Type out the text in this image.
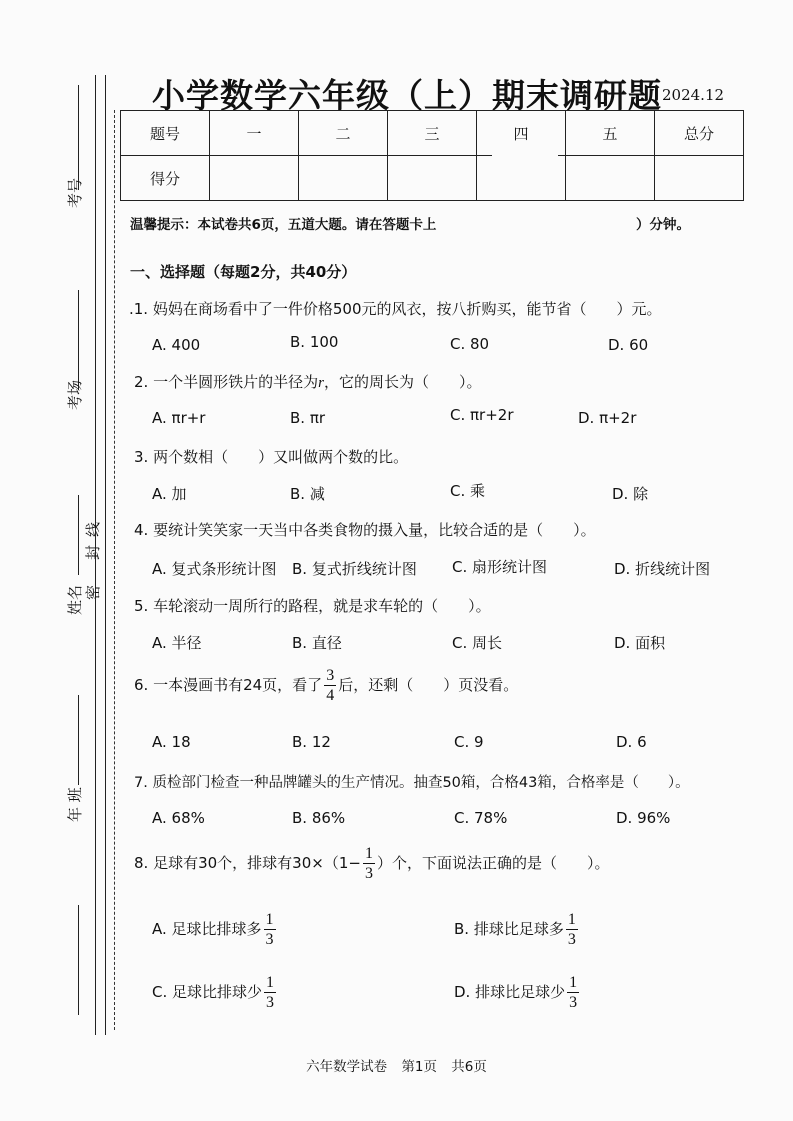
考号
考场
姓名 密
封
线
年 班
小学数学六年级（上）期末调研题 2024.12
题号	一	二	三	四	五	总分
得分						
温馨提示：本试卷共6页，五道大题。请在答题卡上	）分钟。
一、选择题（每题2分，共40分）
.1. 妈妈在商场看中了一件价格500元的风衣，按八折购买，能节省（　　）元。
A. 400	B. 100	C. 80	D. 60
2. 一个半圆形铁片的半径为r，它的周长为（　　）。
A. πr+r	B. πr	C. πr+2r	D. π+2r
3. 两个数相（　　）又叫做两个数的比。
A. 加	B. 减	C. 乘	D. 除
4. 要统计笑笑家一天当中各类食物的摄入量，比较合适的是（　　）。
A. 复式条形统计图 B. 复式折线统计图 C. 扇形统计图	D. 折线统计图
5. 车轮滚动一周所行的路程，就是求车轮的（　　）。
A. 半径	B. 直径	C. 周长	D. 面积
6. 一本漫画书有24页，看了 $\frac{3}{4}$ 后，还剩（　　）页没看。
A. 18	B. 12	C. 9	D. 6
7. 质检部门检查一种品牌罐头的生产情况。抽查50箱，合格43箱，合格率是（　　）。
A. 68%	B. 86%	C. 78%	D. 96%
8. 足球有30个，排球有$30\times(1- \frac{1}{3}$ ）个，下面说法正确的是（　　）。
A. 足球比排球多 $\frac{1}{3}$	B. 排球比足球多 $\frac{1}{3}$
C. 足球比排球少 $\frac{1}{3}$	D. 排球比足球少 $\frac{1}{3}$
六年数学试卷 第1页 共6页
